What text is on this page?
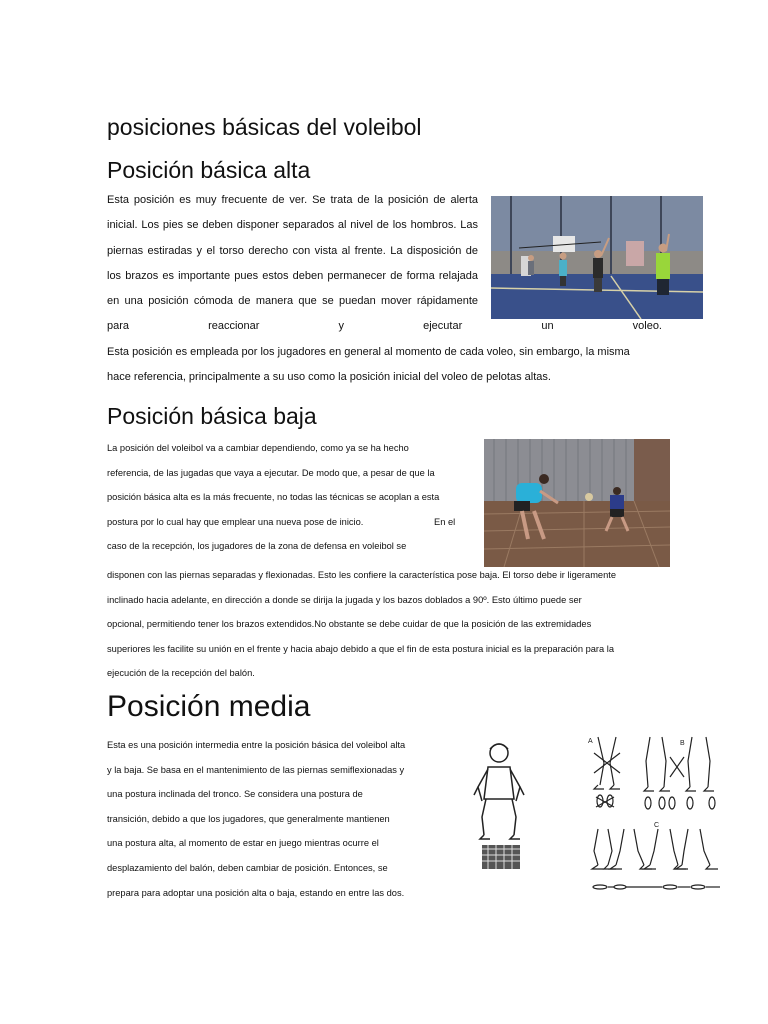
posiciones básicas del voleibol
Posición básica alta
Esta posición es muy frecuente de ver. Se trata de la posición de alerta
inicial. Los pies se deben disponer separados al nivel de los hombros. Las
piernas estiradas y el torso derecho con vista al frente. La disposición de
los brazos es importante pues estos deben permanecer de forma relajada
en una posición cómoda de manera que se puedan mover rápidamente
para reaccionar y ejecutar un voleo.
Esta posición es empleada por los jugadores en general al momento de cada voleo, sin embargo, la misma
hace referencia, principalmente a su uso como la posición inicial del voleo de pelotas altas.
Posición básica baja
La posición del voleibol va a cambiar dependiendo, como ya se ha hecho
referencia, de las jugadas que vaya a ejecutar. De modo que, a pesar de que la
posición básica alta es la más frecuente, no todas las técnicas se acoplan a esta
postura por lo cual hay que emplear una nueva pose de inicio.	En el
caso de la recepción, los jugadores de la zona de defensa en voleibol se
disponen con las piernas separadas y flexionadas. Esto les confiere la característica pose baja. El torso debe ir ligeramente
inclinado hacia adelante, en dirección a donde se dirija la jugada y los bazos doblados a 90º. Esto último puede ser
opcional, permitiendo tener los brazos extendidos.No obstante se debe cuidar de que la posición de las extremidades
superiores les facilite su unión en el frente y hacia abajo debido a que el fin de esta postura inicial es la preparación para la
ejecución de la recepción del balón.
Posición media
Esta es una posición intermedia entre la posición básica del voleibol alta
y la baja. Se basa en el mantenimiento de las piernas semiflexionadas y
una postura inclinada del tronco. Se considera una postura de
transición, debido a que los jugadores, que generalmente mantienen
una postura alta, al momento de estar en juego mientras ocurre el
desplazamiento del balón, deben cambiar de posición. Entonces, se
prepara para adoptar una posición alta o baja, estando en entre las dos.
A	B
C
